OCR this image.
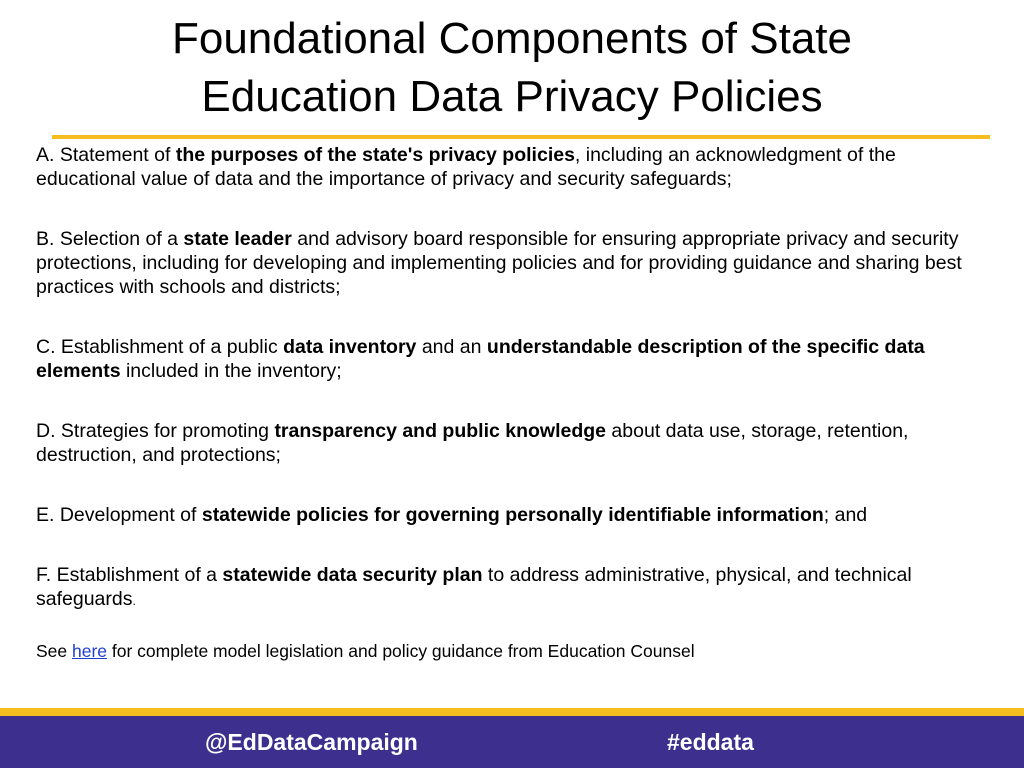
Foundational Components of State
Education Data Privacy Policies

A. Statement of the purposes of the state's privacy policies, including an acknowledgment of the educational value of data and the importance of privacy and security safeguards;

B. Selection of a state leader and advisory board responsible for ensuring appropriate privacy and security protections, including for developing and implementing policies and for providing guidance and sharing best practices with schools and districts;

C. Establishment of a public data inventory and an understandable description of the specific data elements included in the inventory;

D. Strategies for promoting transparency and public knowledge about data use, storage, retention, destruction, and protections;

E. Development of statewide policies for governing personally identifiable information; and

F. Establishment of a statewide data security plan to address administrative, physical, and technical safeguards.

See here for complete model legislation and policy guidance from Education Counsel

@EdDataCampaign	#eddata
